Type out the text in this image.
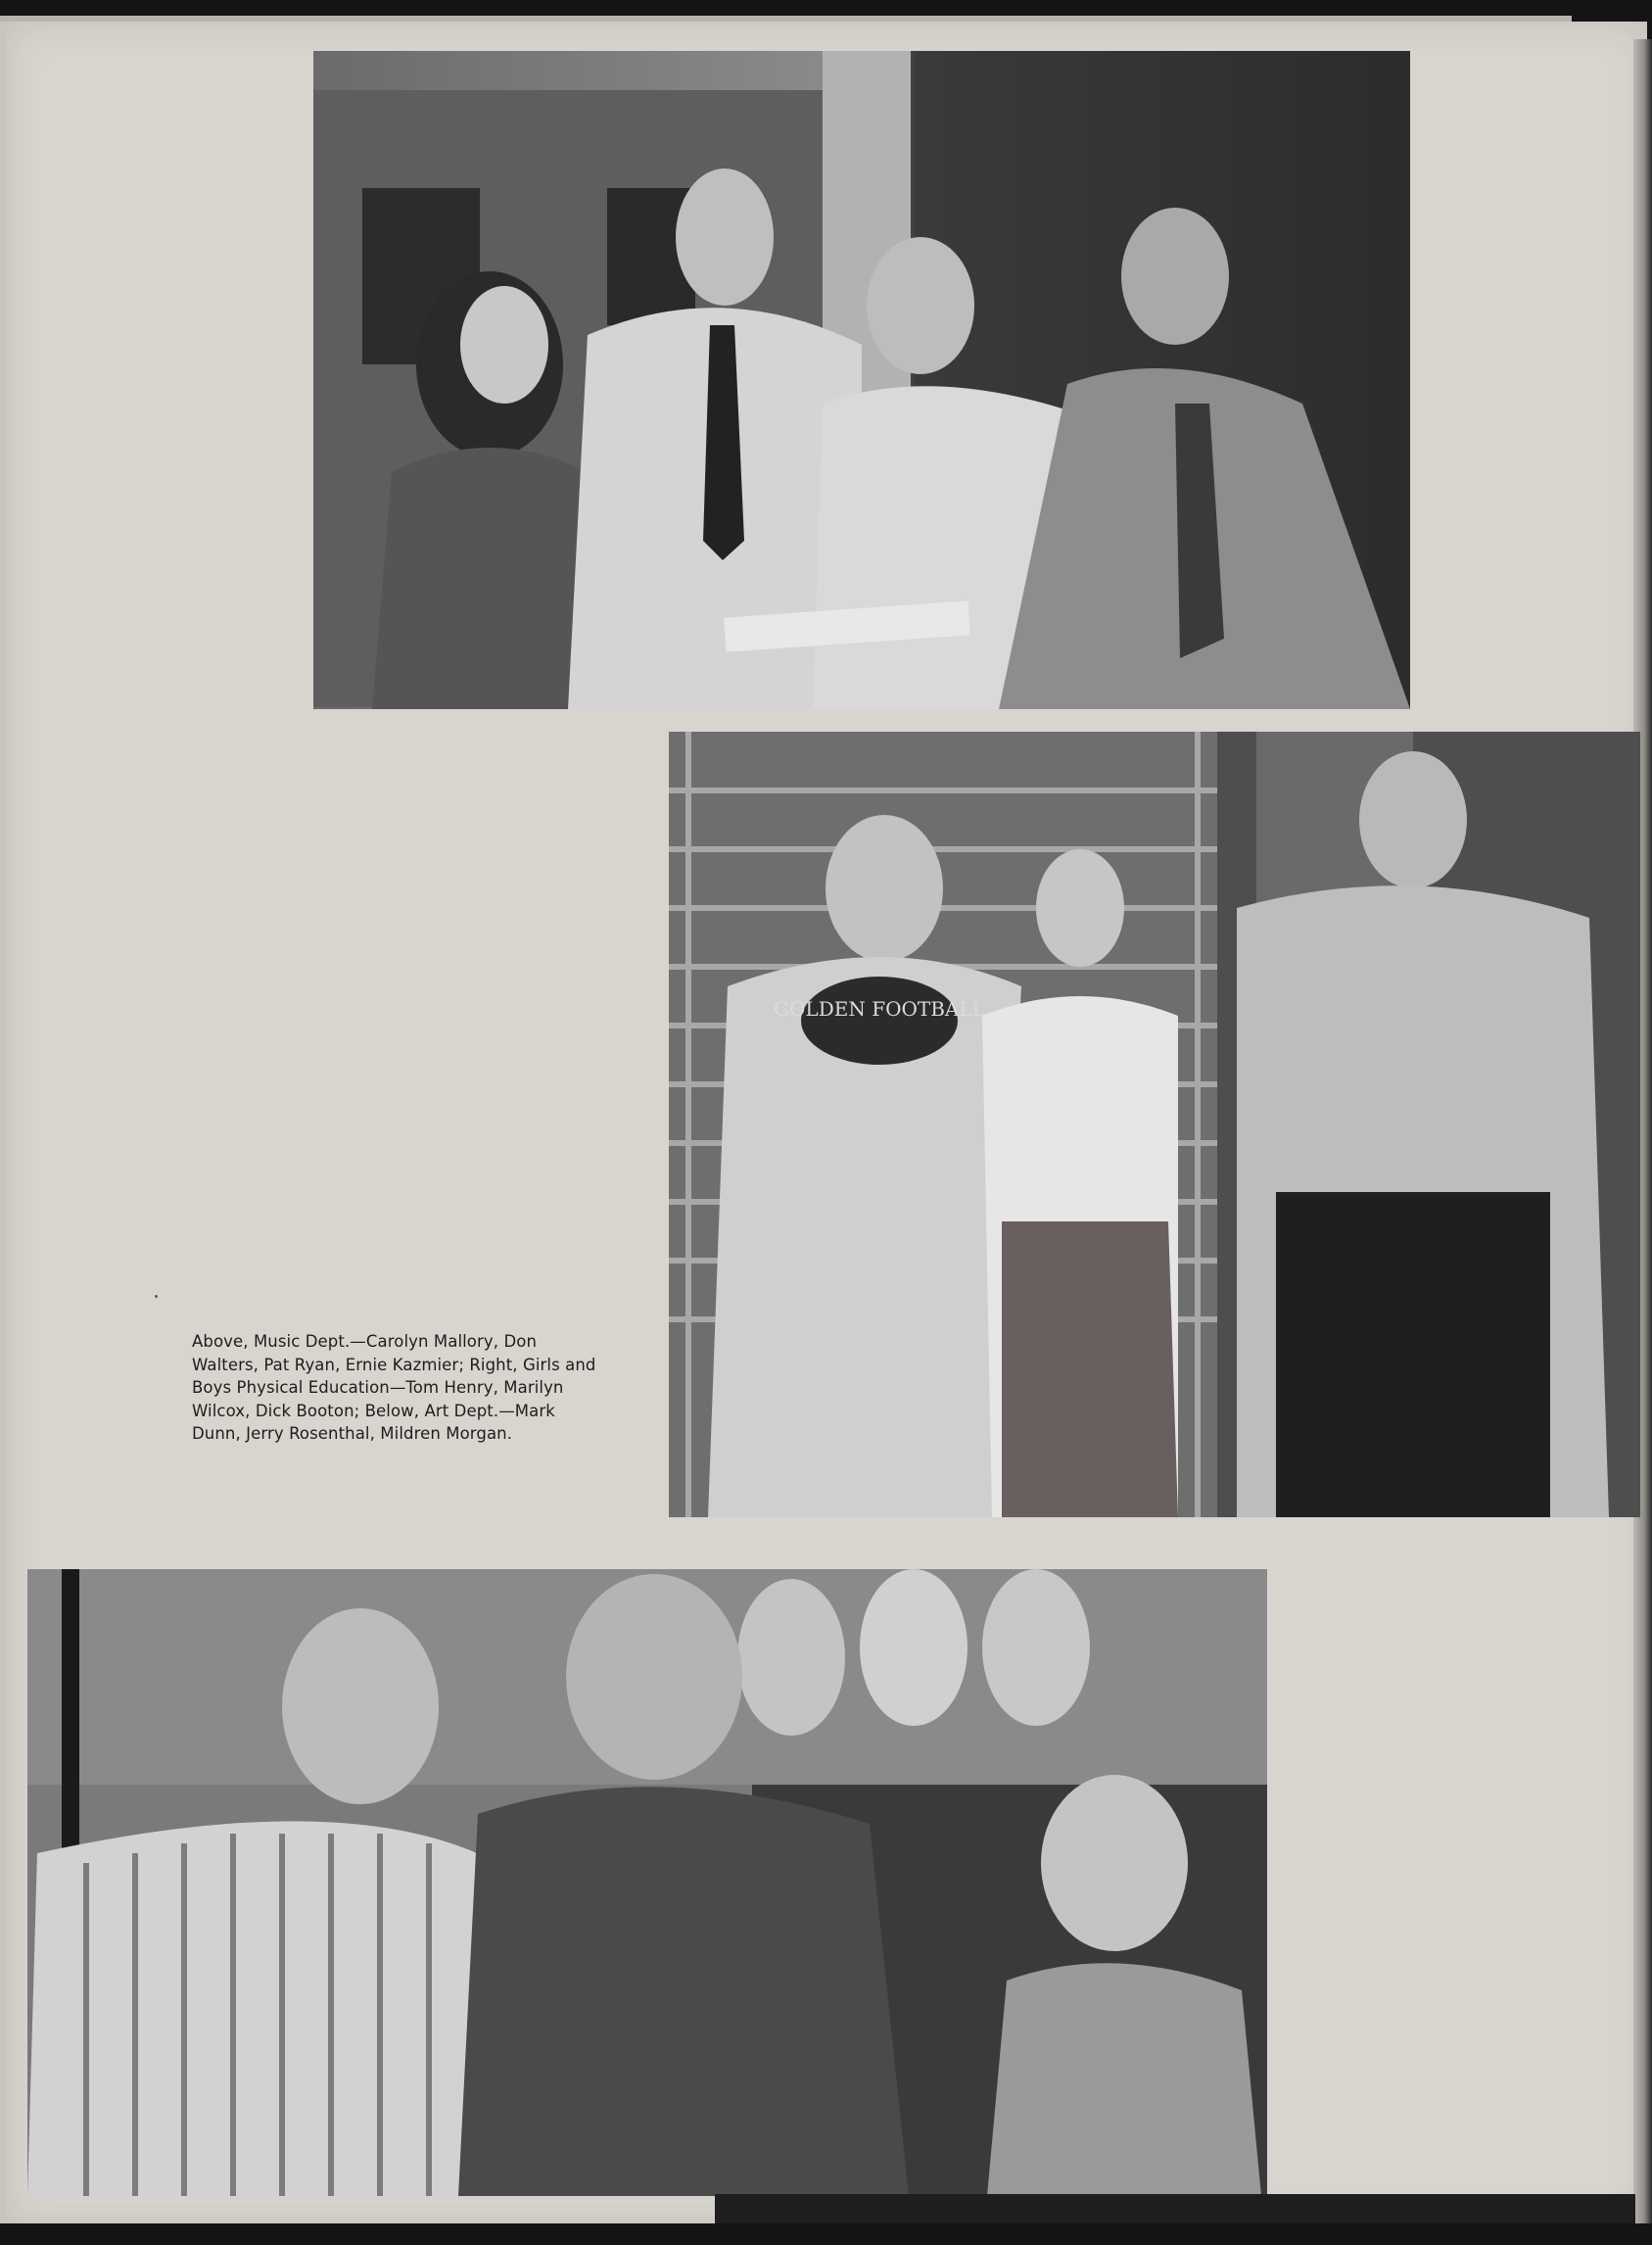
GOLDEN FOOTBALL
Above, Music Dept.—Carolyn Mallory, Don Walters, Pat Ryan, Ernie Kazmier; Right, Girls and Boys Physical Education—Tom Henry, Marilyn Wilcox, Dick Booton; Below, Art Dept.—Mark Dunn, Jerry Rosenthal, Mildren Morgan.
